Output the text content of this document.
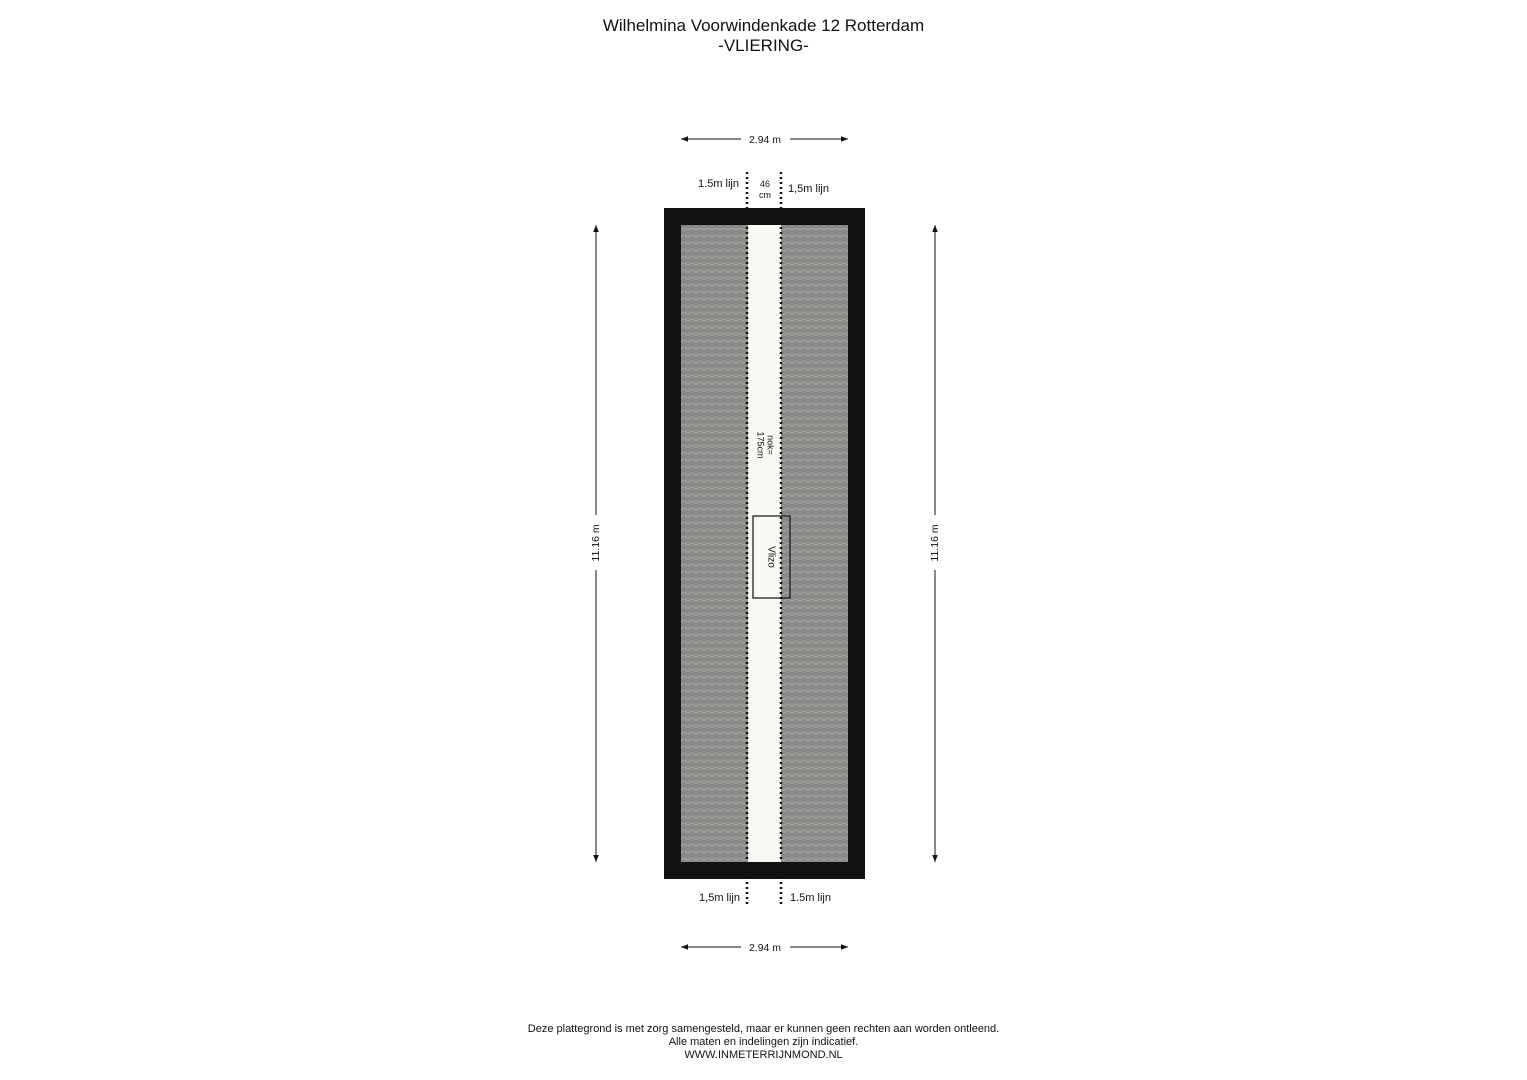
Wilhelmina Voorwindenkade 12 Rotterdam
-VLIERING-
Vlizo
nok=
175cm
2.94 m
2.94 m
11.16 m	11.16 m
46
cm
1.5m lijn	1,5m lijn
1,5m lijn	1.5m lijn
Deze plattegrond is met zorg samengesteld, maar er kunnen geen rechten aan worden ontleend.
Alle maten en indelingen zijn indicatief.
WWW.INMETERRIJNMOND.NL
